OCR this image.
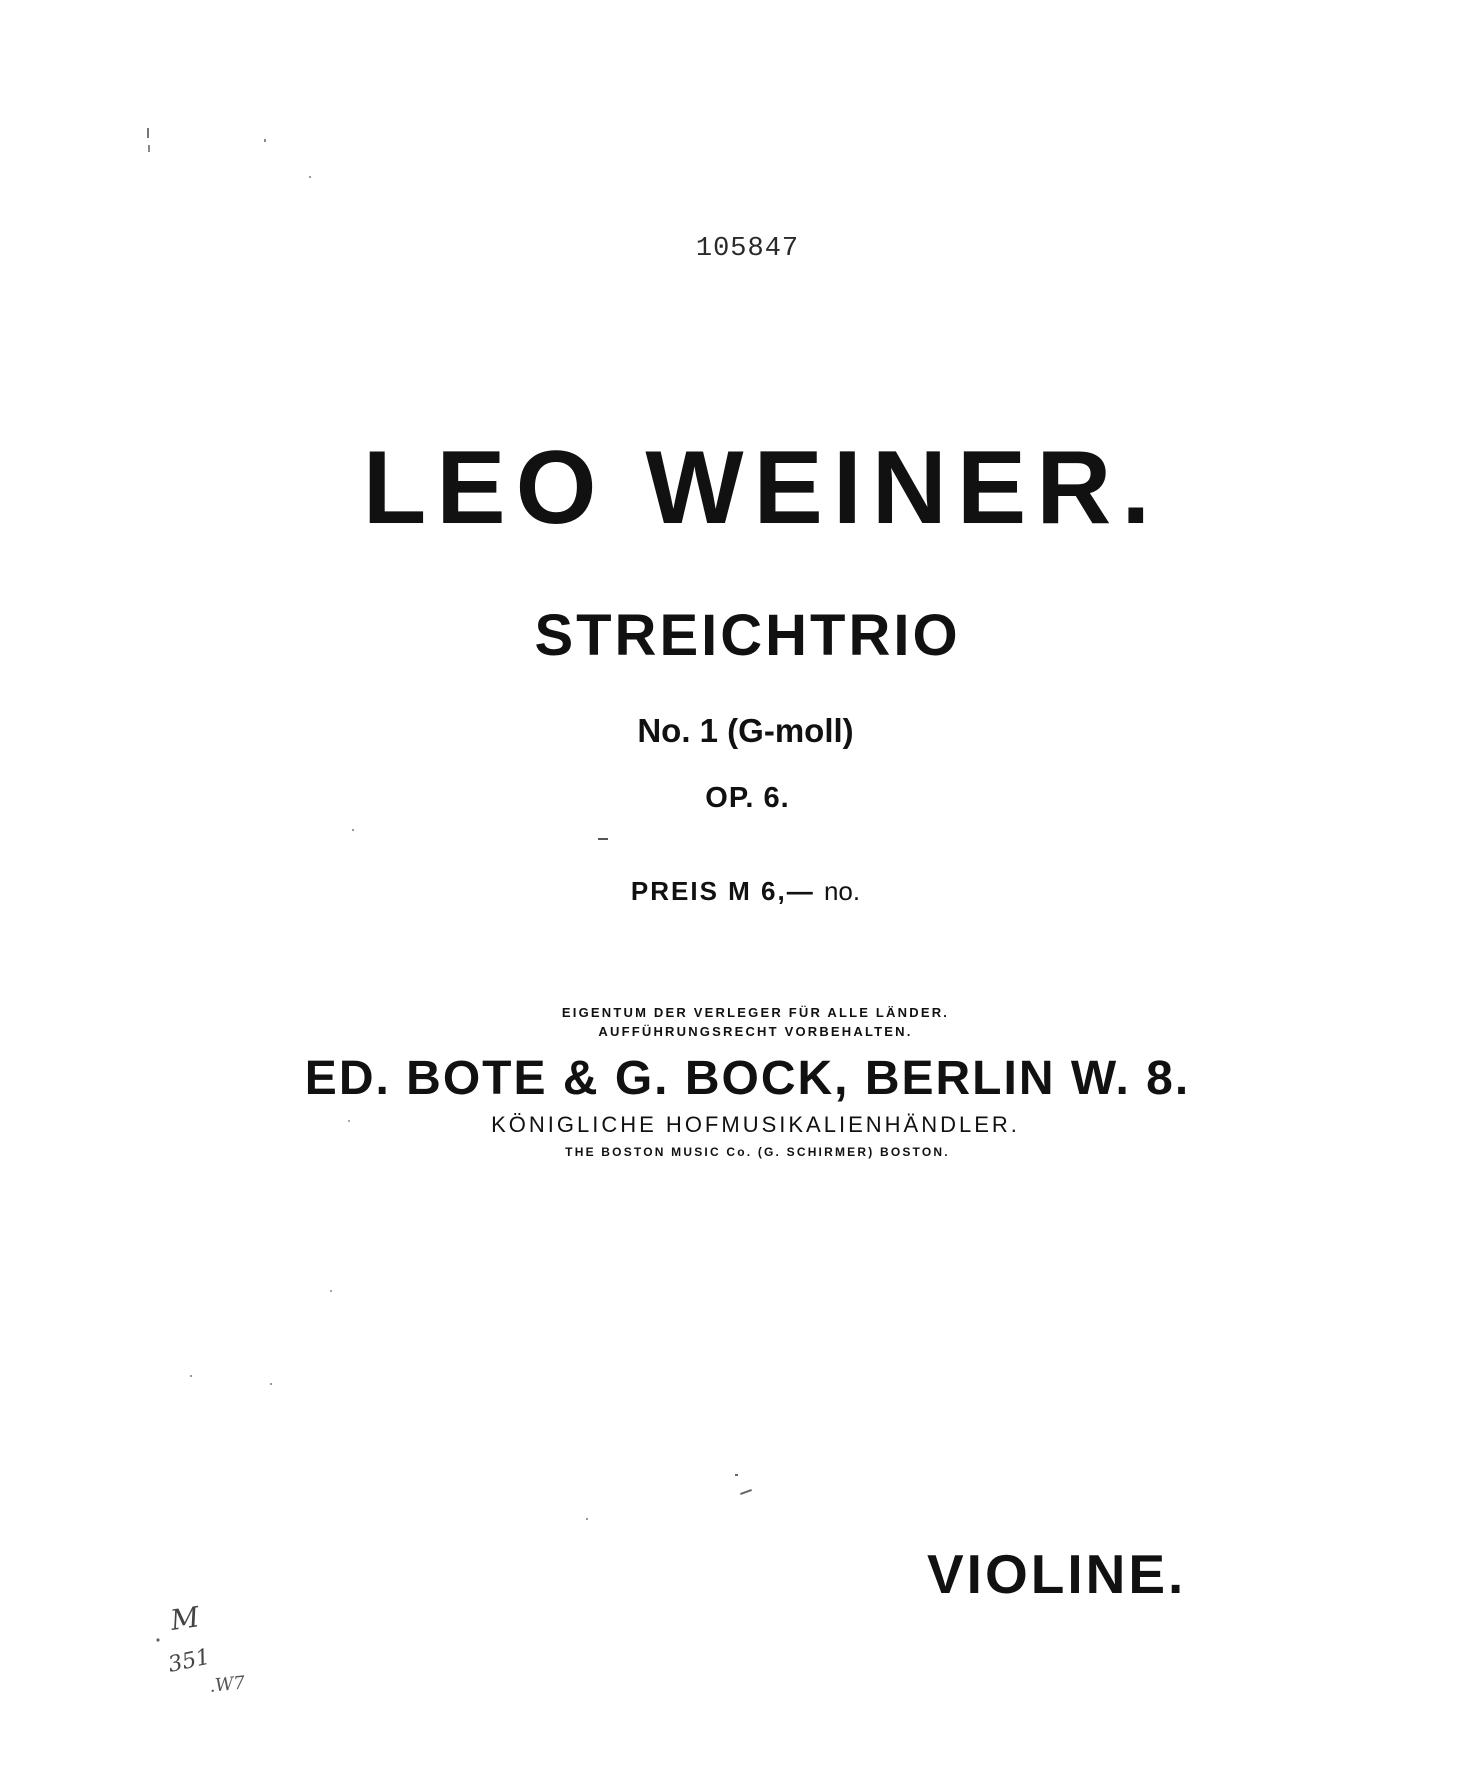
105847
LEO WEINER.
STREICHTRIO
No. 1 (G-moll)
OP. 6.
PREIS M 6,— no.
EIGENTUM DER VERLEGER FÜR ALLE LÄNDER.
AUFFÜHRUNGSRECHT VORBEHALTEN.
ED. BOTE & G. BOCK, BERLIN W. 8.
KÖNIGLICHE HOFMUSIKALIENHÄNDLER.
THE BOSTON MUSIC Co. (G. SCHIRMER) BOSTON.
VIOLINE.
M
351
.W7
